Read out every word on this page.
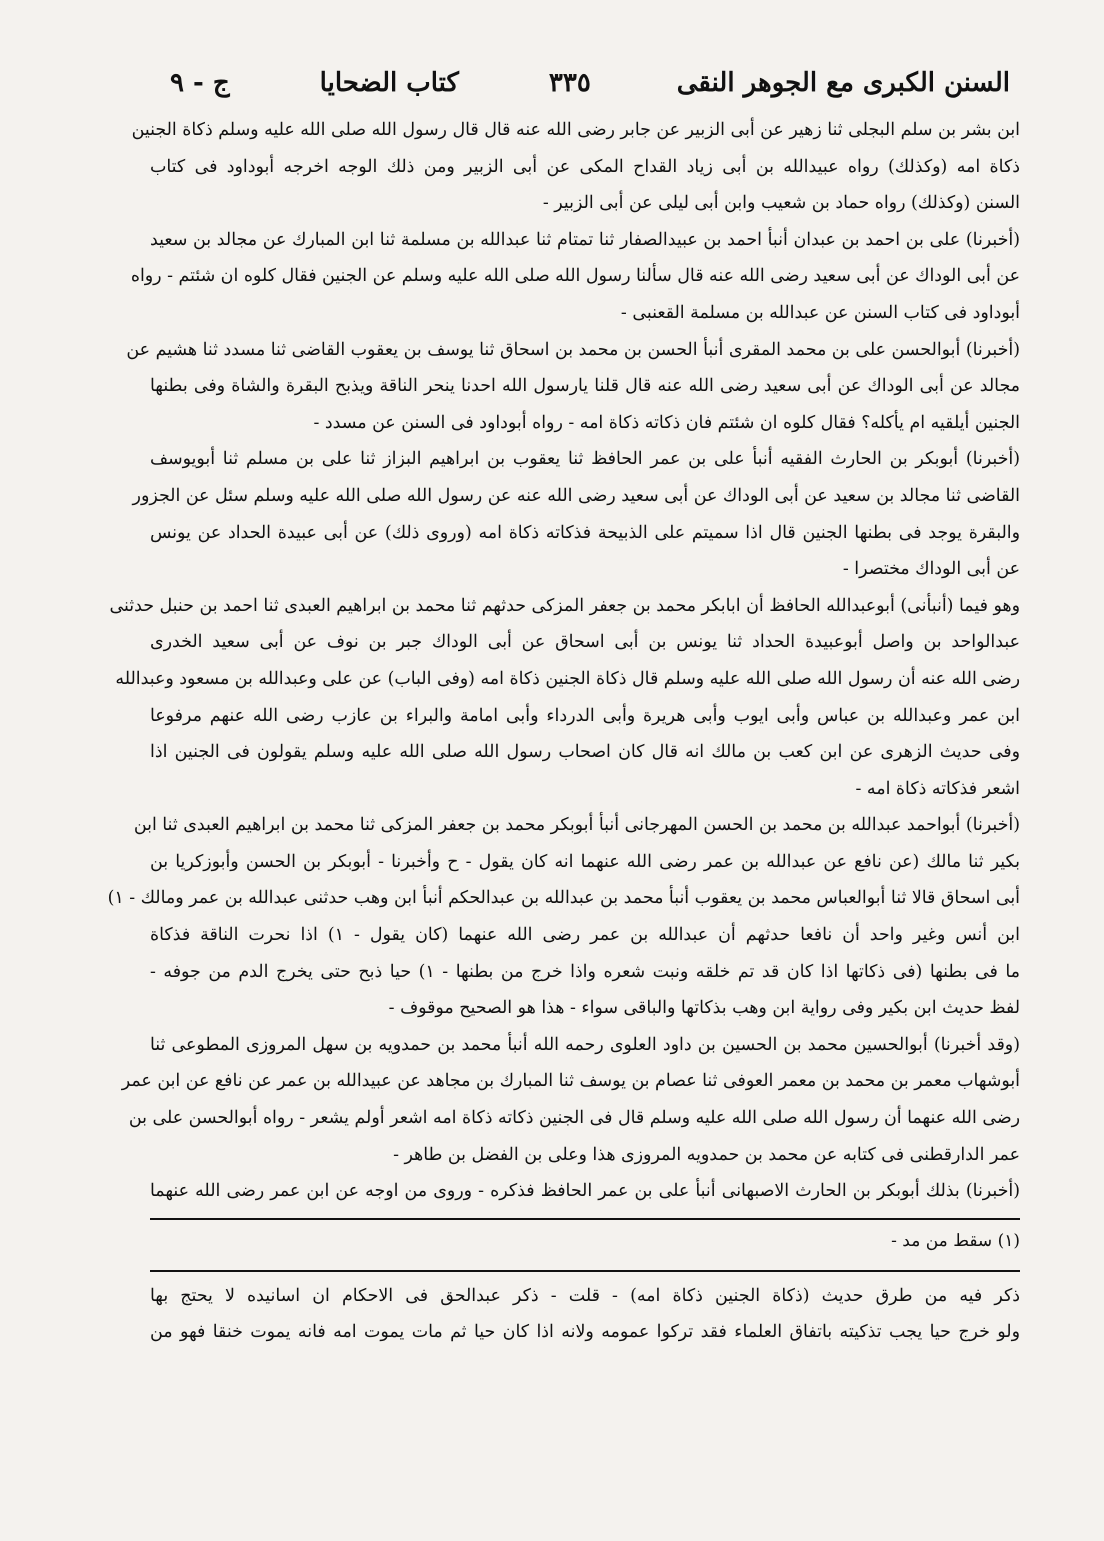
السنن الكبرى مع الجوهر النقى
٣٣٥
كتاب الضحايا
ج - ٩
ابن بشر بن سلم البجلى ثنا زهير عن أبى الزبير عن جابر رضى الله عنه قال قال رسول الله صلى الله عليه وسلم ذكاة الجنين
ذكاة امه (وكذلك) رواه عبيدالله بن أبى زياد القداح المكى عن أبى الزبير ومن ذلك الوجه اخرجه أبوداود فى كتاب
السنن (وكذلك) رواه حماد بن شعيب وابن أبى ليلى عن أبى الزبير -
(أخبرنا) على بن احمد بن عبدان أنبأ احمد بن عبيدالصفار ثنا تمتام ثنا عبدالله بن مسلمة ثنا ابن المبارك عن مجالد بن سعيد
عن أبى الوداك عن أبى سعيد رضى الله عنه قال سألنا رسول الله صلى الله عليه وسلم عن الجنين فقال كلوه ان شئتم - رواه
أبوداود فى كتاب السنن عن عبدالله بن مسلمة القعنبى -
(أخبرنا) أبوالحسن على بن محمد المقرى أنبأ الحسن بن محمد بن اسحاق ثنا يوسف بن يعقوب القاضى ثنا مسدد ثنا هشيم عن
مجالد عن أبى الوداك عن أبى سعيد رضى الله عنه قال قلنا يارسول الله احدنا ينحر الناقة ويذبح البقرة والشاة وفى بطنها
الجنين أيلقيه ام يأكله؟ فقال كلوه ان شئتم فان ذكاته ذكاة امه - رواه أبوداود فى السنن عن مسدد -
(أخبرنا) أبوبكر بن الحارث الفقيه أنبأ على بن عمر الحافظ ثنا يعقوب بن ابراهيم البزاز ثنا على بن مسلم ثنا أبويوسف
القاضى ثنا مجالد بن سعيد عن أبى الوداك عن أبى سعيد رضى الله عنه عن رسول الله صلى الله عليه وسلم سئل عن الجزور
والبقرة يوجد فى بطنها الجنين قال اذا سميتم على الذبيحة فذكاته ذكاة امه (وروى ذلك) عن أبى عبيدة الحداد عن يونس
عن أبى الوداك مختصرا -
وهو فيما (أنبأنى) أبوعبدالله الحافظ أن ابابكر محمد بن جعفر المزكى حدثهم ثنا محمد بن ابراهيم العبدى ثنا احمد بن حنبل حدثنى
عبدالواحد بن واصل أبوعبيدة الحداد ثنا يونس بن أبى اسحاق عن أبى الوداك جبر بن نوف عن أبى سعيد الخدرى
رضى الله عنه أن رسول الله صلى الله عليه وسلم قال ذكاة الجنين ذكاة امه (وفى الباب) عن على وعبدالله بن مسعود وعبدالله
ابن عمر وعبدالله بن عباس وأبى ايوب وأبى هريرة وأبى الدرداء وأبى امامة والبراء بن عازب رضى الله عنهم مرفوعا
وفى حديث الزهرى عن ابن كعب بن مالك انه قال كان اصحاب رسول الله صلى الله عليه وسلم يقولون فى الجنين اذا
اشعر فذكاته ذكاة امه -
(أخبرنا) أبواحمد عبدالله بن محمد بن الحسن المهرجانى أنبأ أبوبكر محمد بن جعفر المزكى ثنا محمد بن ابراهيم العبدى ثنا ابن
بكير ثنا مالك (عن نافع عن عبدالله بن عمر رضى الله عنهما انه كان يقول - ح وأخبرنا - أبوبكر بن الحسن وأبوزكريا بن
أبى اسحاق قالا ثنا أبوالعباس محمد بن يعقوب أنبأ محمد بن عبدالله بن عبدالحكم أنبأ ابن وهب حدثنى عبدالله بن عمر ومالك - ١)
ابن أنس وغير واحد أن نافعا حدثهم أن عبدالله بن عمر رضى الله عنهما (كان يقول - ١) اذا نحرت الناقة فذكاة
ما فى بطنها (فى ذكاتها اذا كان قد تم خلقه ونبت شعره واذا خرج من بطنها - ١) حيا ذبح حتى يخرج الدم من جوفه -
لفظ حديث ابن بكير وفى رواية ابن وهب بذكاتها والباقى سواء - هذا هو الصحيح موقوف -
(وقد أخبرنا) أبوالحسين محمد بن الحسين بن داود العلوى رحمه الله أنبأ محمد بن حمدويه بن سهل المروزى المطوعى ثنا
أبوشهاب معمر بن محمد بن معمر العوفى ثنا عصام بن يوسف ثنا المبارك بن مجاهد عن عبيدالله بن عمر عن نافع عن ابن عمر
رضى الله عنهما أن رسول الله صلى الله عليه وسلم قال فى الجنين ذكاته ذكاة امه اشعر أولم يشعر - رواه أبوالحسن على بن
عمر الدارقطنى فى كتابه عن محمد بن حمدويه المروزى هذا وعلى بن الفضل بن طاهر -
(أخبرنا) بذلك أبوبكر بن الحارث الاصبهانى أنبأ على بن عمر الحافظ فذكره - وروى من اوجه عن ابن عمر رضى الله عنهما
(١) سقط من مد -
ذكر فيه من طرق حديث (ذكاة الجنين ذكاة امه) - قلت - ذكر عبدالحق فى الاحكام ان اسانيده لا يحتج بها
ولو خرج حيا يجب تذكيته باتفاق العلماء فقد تركوا عمومه ولانه اذا كان حيا ثم مات يموت امه فانه يموت خنقا فهو من
